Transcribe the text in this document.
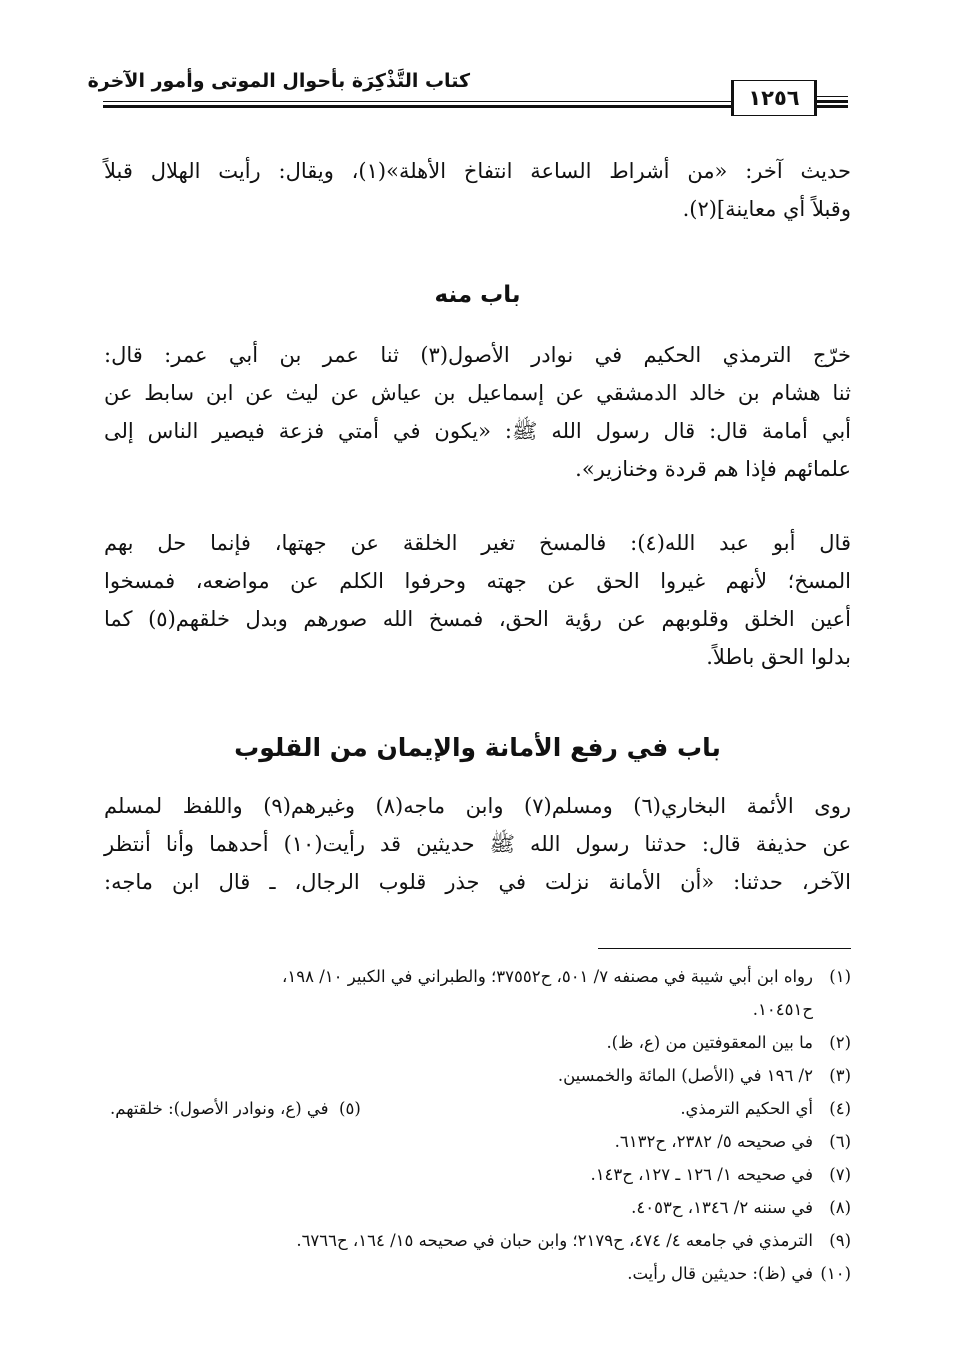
كتاب التَّذْكِرَة بأحوال الموتى وأمور الآخرة
١٢٥٦
حديث آخر: «من أشراط الساعة انتفاخ الأهلة»(١)، ويقال: رأيت الهلال قبلاً
وقبلاً أي معاينة](٢).
باب منه
خرّج الترمذي الحكيم في نوادر الأصول(٣) ثنا عمر بن أبي عمر: قال:
ثنا هشام بن خالد الدمشقي عن إسماعيل بن عياش عن ليث عن ابن سابط عن
أبي أمامة قال: قال رسول الله ﷺ: «يكون في أمتي فزعة فيصير الناس إلى
علمائهم فإذا هم قردة وخنازير».
قال أبو عبد الله(٤): فالمسخ تغير الخلقة عن جهتها، فإنما حل بهم
المسخ؛ لأنهم غيروا الحق عن جهته وحرفوا الكلم عن مواضعه، فمسخوا
أعين الخلق وقلوبهم عن رؤية الحق، فمسخ الله صورهم وبدل خلقهم(٥) كما
بدلوا الحق باطلاً.
باب في رفع الأمانة والإيمان من القلوب
روى الأئمة البخاري(٦) ومسلم(٧) وابن ماجه(٨) وغيرهم(٩) واللفظ لمسلم
عن حذيفة قال: حدثنا رسول الله ﷺ حديثين قد رأيت(١٠) أحدهما وأنا أنتظر
الآخر، حدثنا: «أن الأمانة نزلت في جذر قلوب الرجال، ـ قال ابن ماجه:
(١)رواه ابن أبي شيبة في مصنفه ٧/ ٥٠١، ح٣٧٥٥٢؛ والطبراني في الكبير ١٠/ ١٩٨،
ح١٠٤٥١.
(٢)ما بين المعقوفتين من (ع، ظ).
(٣)٢/ ١٩٦ في (الأصل) المائة والخمسين.
(٤)أي الحكيم الترمذي.
(٥)  في (ع، ونوادر الأصول): خلقتهم.
(٦)في صحيحه ٥/ ٢٣٨٢، ح٦١٣٢.
(٧)في صحيحه ١/ ١٢٦ ـ ١٢٧، ح١٤٣.
(٨)في سننه ٢/ ١٣٤٦، ح٤٠٥٣.
(٩)الترمذي في جامعه ٤/ ٤٧٤، ح٢١٧٩؛ وابن حبان في صحيحه ١٥/ ١٦٤، ح٦٧٦٦.
(١٠)في (ظ): حديثين قال رأيت.
